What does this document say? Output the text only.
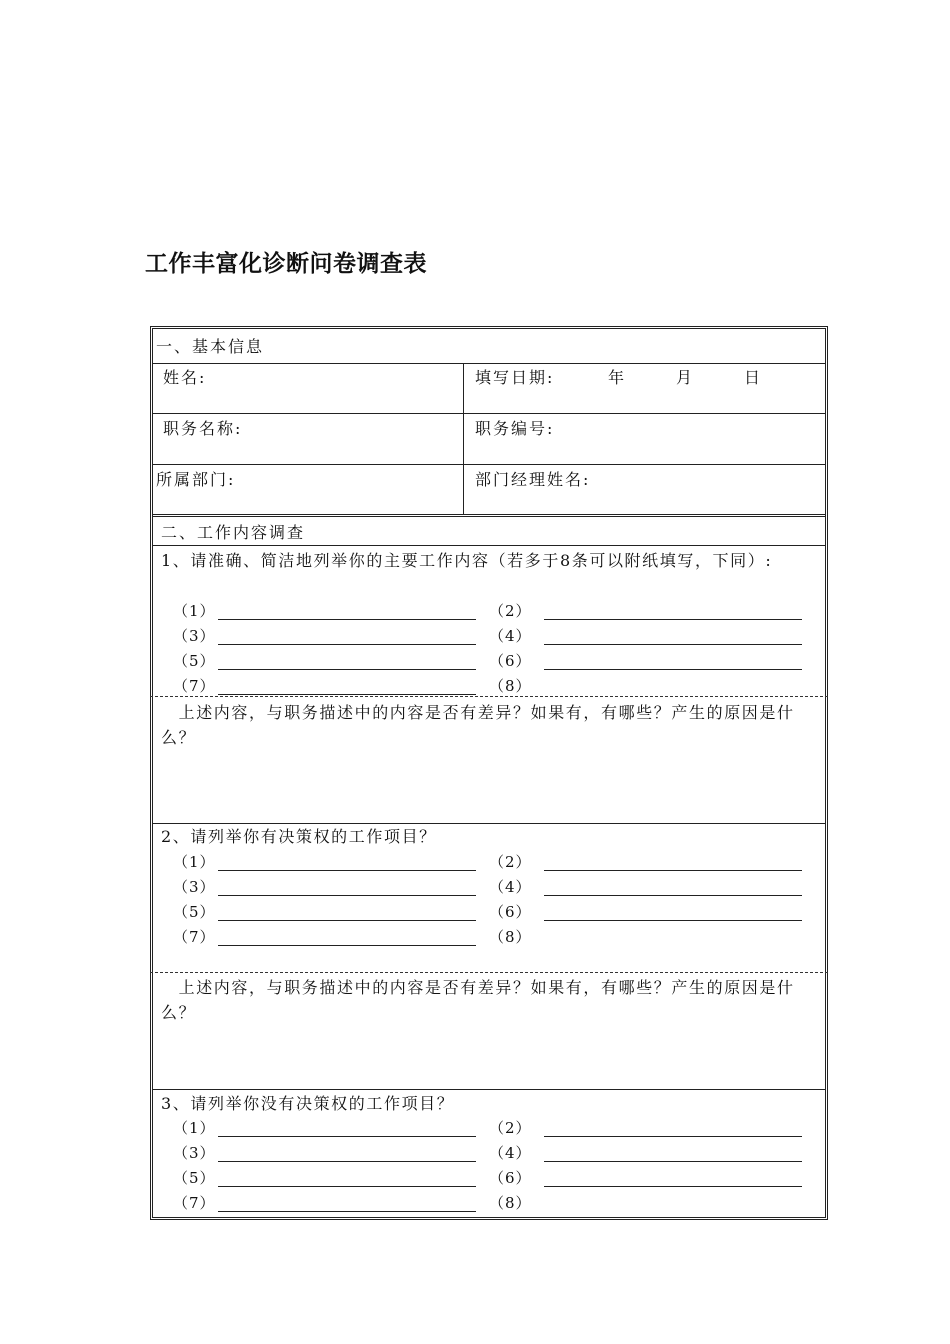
工作丰富化诊断问卷调查表
一、基本信息
姓名:	填写日期:	年	月	日
职务名称:	职务编号:
所属部门:	部门经理姓名:
二、工作内容调查
1、请准确、简洁地列举你的主要工作内容（若多于8条可以附纸填写，下同）:
（1）	（2）
（3）	（4）
（5）	（6）
（7）	（8）
　上述内容，与职务描述中的内容是否有差异？如果有，有哪些？产生的原因是什么？
2、请列举你有决策权的工作项目？
（1）	（2）
（3）	（4）
（5）	（6）
（7）	（8）
　上述内容，与职务描述中的内容是否有差异？如果有，有哪些？产生的原因是什么？
3、请列举你没有决策权的工作项目？
（1）	（2）
（3）	（4）
（5）	（6）
（7）	（8）
